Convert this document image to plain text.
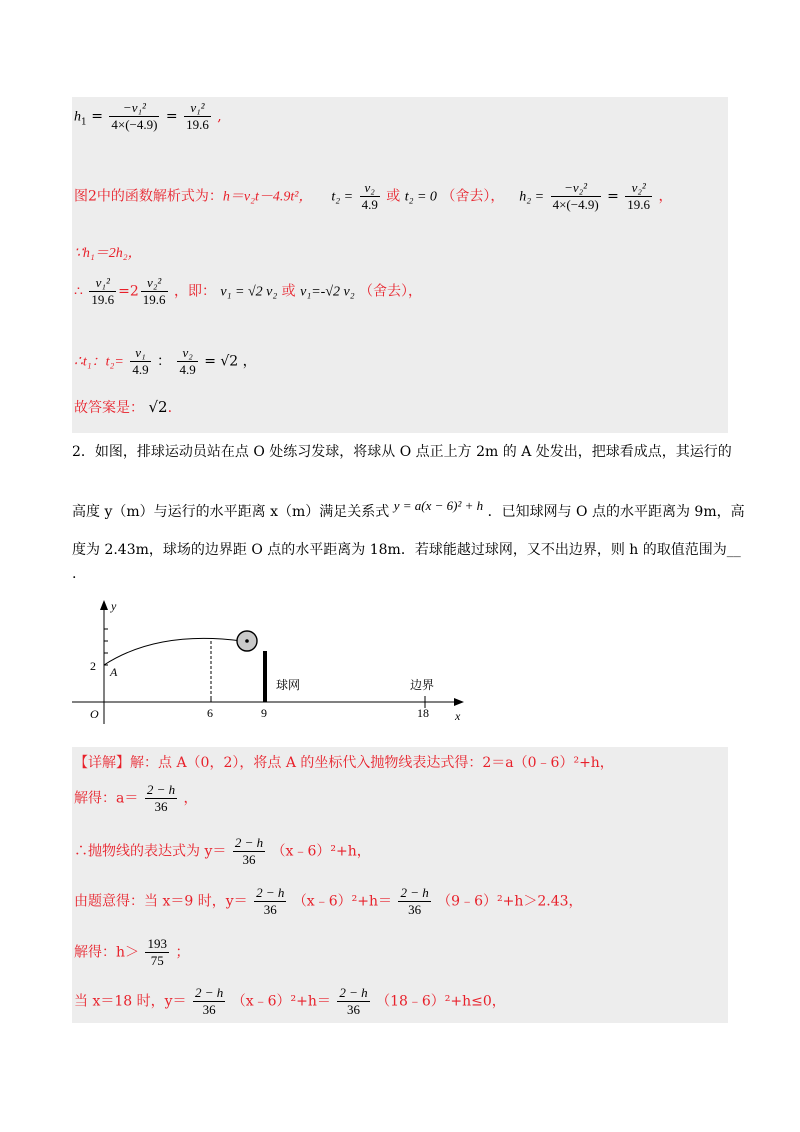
$h_1 = \frac{\text{−v₁²}}{4\times(-4.9)} = \frac{\text{v₁²}}{19.6}$ ,
图2中的函数解析式为：h＝v₂t－4.9t²， $t_2 = \frac{\text{v₂}}{4.9}$ 或 t₂ = 0 （舍去）， $h_2 = \frac{\text{−v₂²}}{4\times(-4.9)} = \frac{\text{v₂²}}{19.6}$ ，
∵h₁＝2h₂，
∴ $\frac{\text{v₁²}}{19.6} =2 \frac{\text{v₂²}}{19.6}$ ，即： v₁ = √2 v₂ 或 v₁=-√2 v₂ （舍去），
∴t₁：$t_2= \frac{\text{v₁}}{4.9}$ ： $\frac{\text{v₂}}{4.9} = √2$ ，
故答案是： √2.
2．如图，排球运动员站在点 O 处练习发球，将球从 O 点正上方 2m 的 A 处发出，把球看成点，其运行的
高度 y（m）与运行的水平距离 x（m）满足关系式 y = a(x − 6)² + h ．已知球网与 O 点的水平距离为 9m，高
度为 2.43m，球场的边界距 O 点的水平距离为 18m．若球能越过球网，又不出边界，则 h 的取值范围为__
.
y
x
O
2 A
球网	边界
6	9	18
【详解】解：点 A（0，2），将点 A 的坐标代入抛物线表达式得：2＝a（0﹣6）²+h，
解得：$a= \frac{2 - h}{36}$ ，
∴抛物线的表达式为 $y= \frac{2 - h}{36}$ （x﹣6）²+h，
由题意得：当 x＝9 时，$y= \frac{2 - h}{36}$ （x﹣6）²+h＝ $\frac{2 - h}{36}$ （9﹣6）²+h＞2.43，
解得：$h> \frac{193}{75}$ ；
当 x＝18 时，$y= \frac{2 - h}{36}$ （x﹣6）²+h＝ $\frac{2 - h}{36}$ （18﹣6）²+h≤0，
